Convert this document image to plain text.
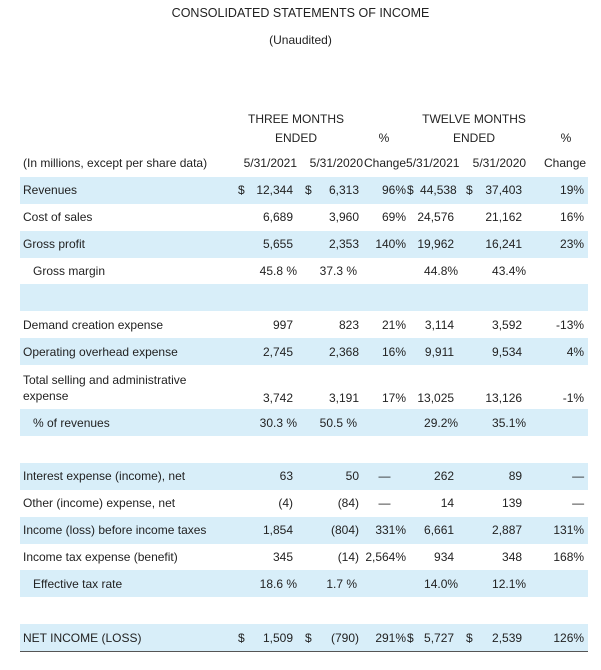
CONSOLIDATED STATEMENTS OF INCOME
(Unaudited)
THREE MONTHS
ENDED	%
TWELVE MONTHS
ENDED	%
(In millions, except per share data)	5/31/2021		5/31/2020		Change	5/31/2021		5/31/2020		Change
Revenues	$	12,344	$	6,313	96%	$	44,538	$	37,403	19%
Cost of sales	6,689		3,960		69%	24,576		21,162		16%
Gross profit	5,655		2,353		140%	19,962		16,241		23%
Gross margin	45.8 %		37.3 %			44.8%		43.4%		

Demand creation expense	997		823		21%	3,114		3,592		-13%
Operating overhead expense	2,745		2,368		16%	9,911		9,534		4%
Total selling and administrative expense	3,742		3,191		17%	13,025		13,126		-1%
% of revenues	30.3 %		50.5 %			29.2%		35.1%		

Interest expense (income), net	63		50		—	262		89		—
Other (income) expense, net	(4)		(84)		—	14		139		—
Income (loss) before income taxes	1,854		(804)		331%	6,661		2,887		131%
Income tax expense (benefit)	345		(14)		2,564%	934		348		168%
Effective tax rate	18.6 %		1.7 %			14.0%		12.1%		

NET INCOME (LOSS)	$	1,509	$	(790)	291%	$	5,727	$	2,539	126%
